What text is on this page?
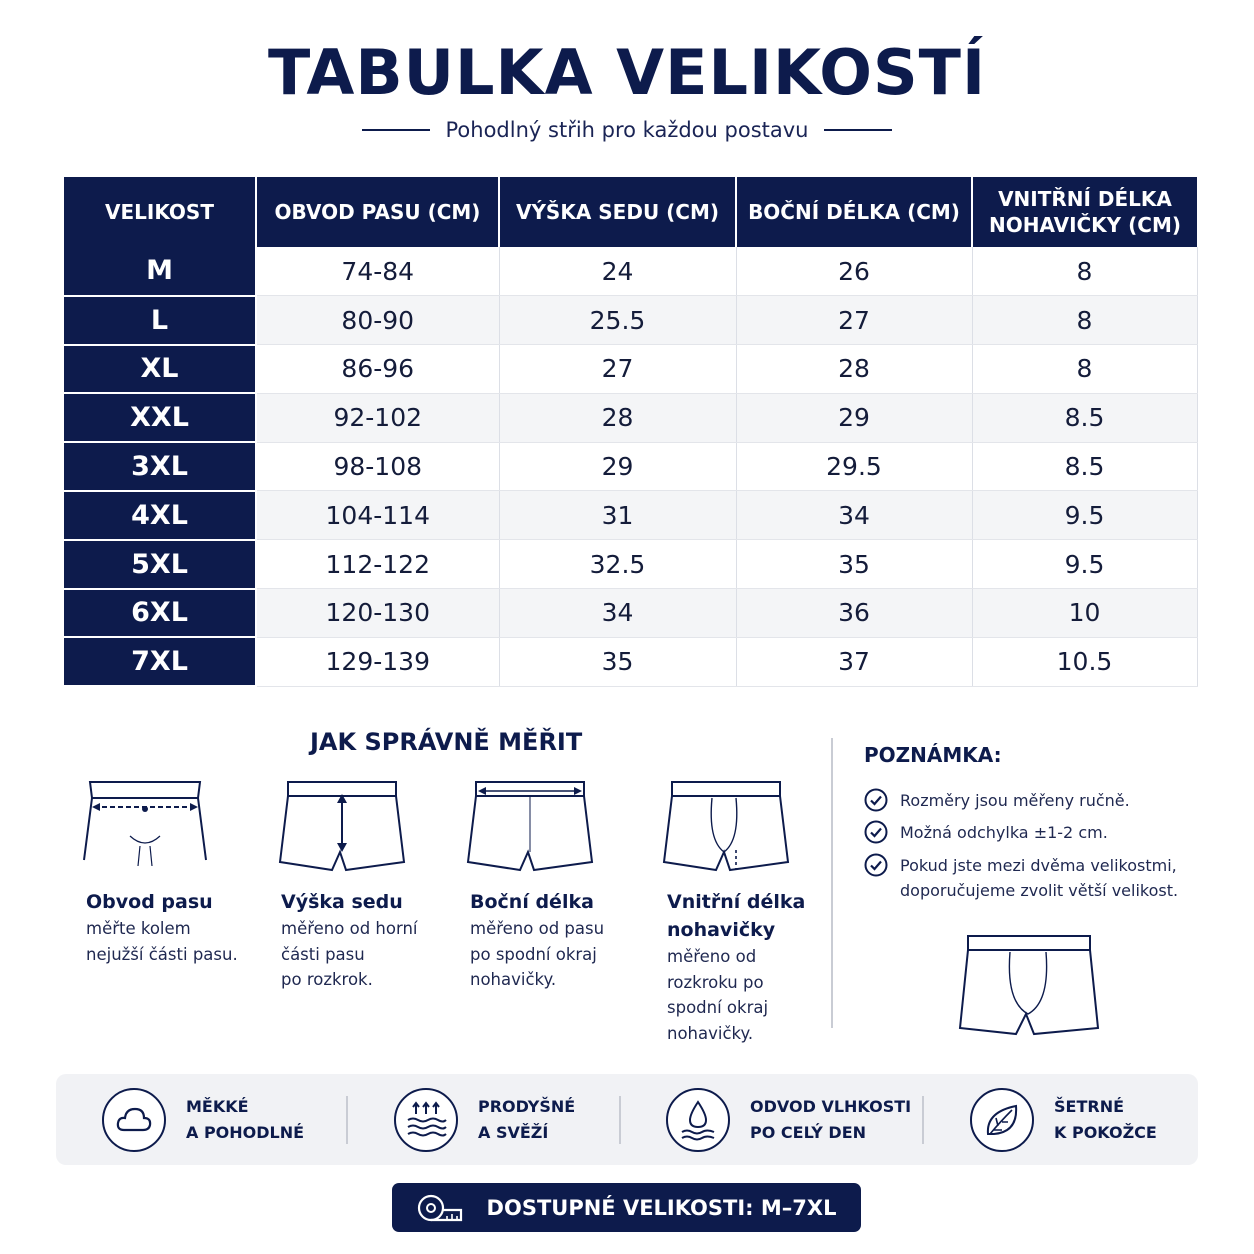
TABULKA VELIKOSTÍ
Pohodlný střih pro každou postavu
VELIKOST	OBVOD PASU (CM)	VÝŠKA SEDU (CM)	BOČNÍ DÉLKA (CM)	VNITŘNÍ DÉLKA NOHAVIČKY (CM)
M	74-84	24	26	8
L	80-90	25.5	27	8
XL	86-96	27	28	8
XXL	92-102	28	29	8.5
3XL	98-108	29	29.5	8.5
4XL	104-114	31	34	9.5
5XL	112-122	32.5	35	9.5
6XL	120-130	34	36	10
7XL	129-139	35	37	10.5
JAK SPRÁVNĚ MĚŘIT
Obvod pasu
měřte kolem
nejužší části pasu.
Výška sedu
měřeno od horní
části pasu
po rozkrok.
Boční délka
měřeno od pasu
po spodní okraj
nohavičky.
Vnitřní délka
nohavičky
měřeno od
rozkroku po
spodní okraj
nohavičky.
POZNÁMKA:
Rozměry jsou měřeny ručně.
Možná odchylka ±1-2 cm.
Pokud jste mezi dvěma velikostmi,
doporučujeme zvolit větší velikost.
MĚKKÉ
A POHODLNÉ
PRODYŠNÉ
A SVĚŽÍ
ODVOD VLHKOSTI
PO CELÝ DEN
ŠETRNÉ
K POKOŽCE
DOSTUPNÉ VELIKOSTI: M–7XL
